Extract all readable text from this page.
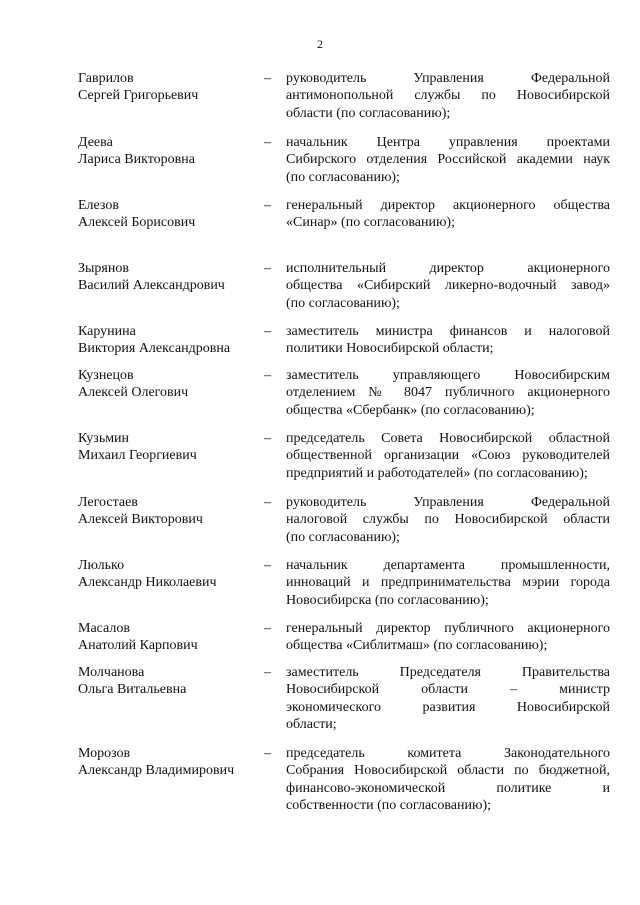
2
Гаврилов
Сергей Григорьевич
– руководитель Управления Федеральной
антимонопольной службы по Новосибирской
области (по согласованию);
Деева
Лариса Викторовна
– начальник Центра управления проектами
Сибирского отделения Российской академии наук
(по согласованию);
Елезов
Алексей Борисович
– генеральный директор акционерного общества
«Синар» (по согласованию);
Зырянов
Василий Александрович
– исполнительный директор акционерного
общества «Сибирский ликерно-водочный завод»
(по согласованию);
Карунина
Виктория Александровна
– заместитель министра финансов и налоговой
политики Новосибирской области;
Кузнецов
Алексей Олегович
– заместитель управляющего Новосибирским
отделением № 8047 публичного акционерного
общества «Сбербанк» (по согласованию);
Кузьмин
Михаил Георгиевич
– председатель Совета Новосибирской областной
общественной организации «Союз руководителей
предприятий и работодателей» (по согласованию);
Легостаев
Алексей Викторович
– руководитель Управления Федеральной
налоговой службы по Новосибирской области
(по согласованию);
Люлько
Александр Николаевич
– начальник департамента промышленности,
инноваций и предпринимательства мэрии города
Новосибирска (по согласованию);
Масалов
Анатолий Карпович
– генеральный директор публичного акционерного
общества «Сиблитмаш» (по согласованию);
Молчанова
Ольга Витальевна
– заместитель Председателя Правительства
Новосибирской области – министр
экономического развития Новосибирской
области;
Морозов
Александр Владимирович
– председатель комитета Законодательного
Собрания Новосибирской области по бюджетной,
финансово-экономической политике и
собственности (по согласованию);
